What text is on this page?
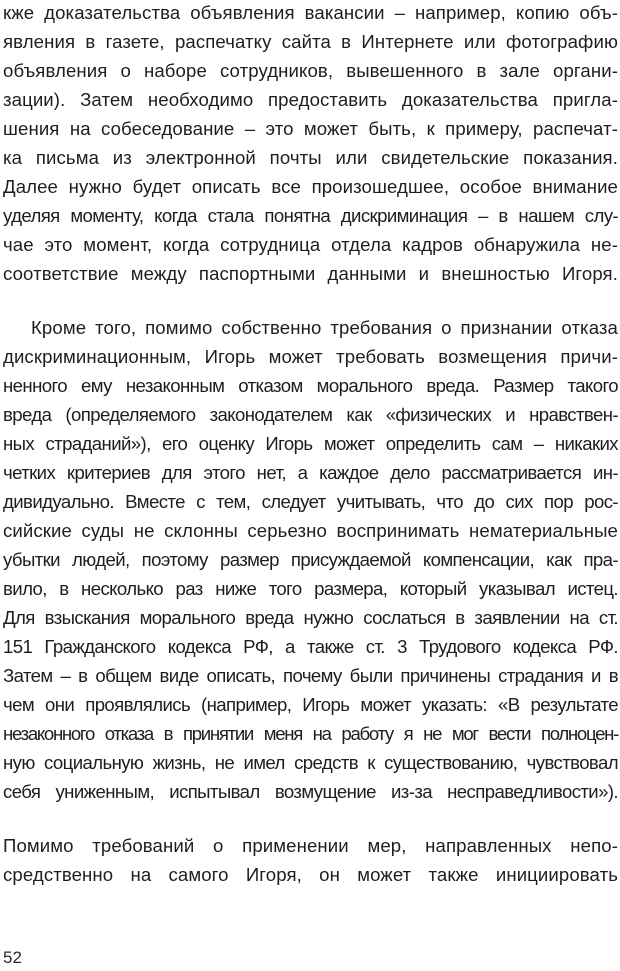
кже доказательства объявления вакансии – например, копию объ-
явления в газете, распечатку сайта в Интернете или фотографию
объявления о наборе сотрудников, вывешенного в зале органи-
зации). Затем необходимо предоставить доказательства пригла-
шения на собеседование – это может быть, к примеру, распечат-
ка письма из электронной почты или свидетельские показания.
Далее нужно будет описать все произошедшее, особое внимание
уделяя моменту, когда стала понятна дискриминация – в нашем слу-
чае это момент, когда сотрудница отдела кадров обнаружила не-
соответствие между паспортными данными и внешностью Игоря.
Кроме того, помимо собственно требования о признании отказа
дискриминационным, Игорь может требовать возмещения причи-
ненного ему незаконным отказом морального вреда. Размер такого
вреда (определяемого законодателем как «физических и нравствен-
ных страданий»), его оценку Игорь может определить сам – никаких
четких критериев для этого нет, а каждое дело рассматривается ин-
дивидуально. Вместе с тем, следует учитывать, что до сих пор рос-
сийские суды не склонны серьезно воспринимать нематериальные
убытки людей, поэтому размер присуждаемой компенсации, как пра-
вило, в несколько раз ниже того размера, который указывал истец.
Для взыскания морального вреда нужно сослаться в заявлении на ст.
151 Гражданского кодекса РФ, а также ст. 3 Трудового кодекса РФ.
Затем – в общем виде описать, почему были причинены страдания и в
чем они проявлялись (например, Игорь может указать: «В результате
незаконного отказа в принятии меня на работу я не мог вести полноцен-
ную социальную жизнь, не имел средств к существованию, чувствовал
себя униженным, испытывал возмущение из-за несправедливости»).
Помимо требований о применении мер, направленных непо-
средственно на самого Игоря, он может также инициировать
52
